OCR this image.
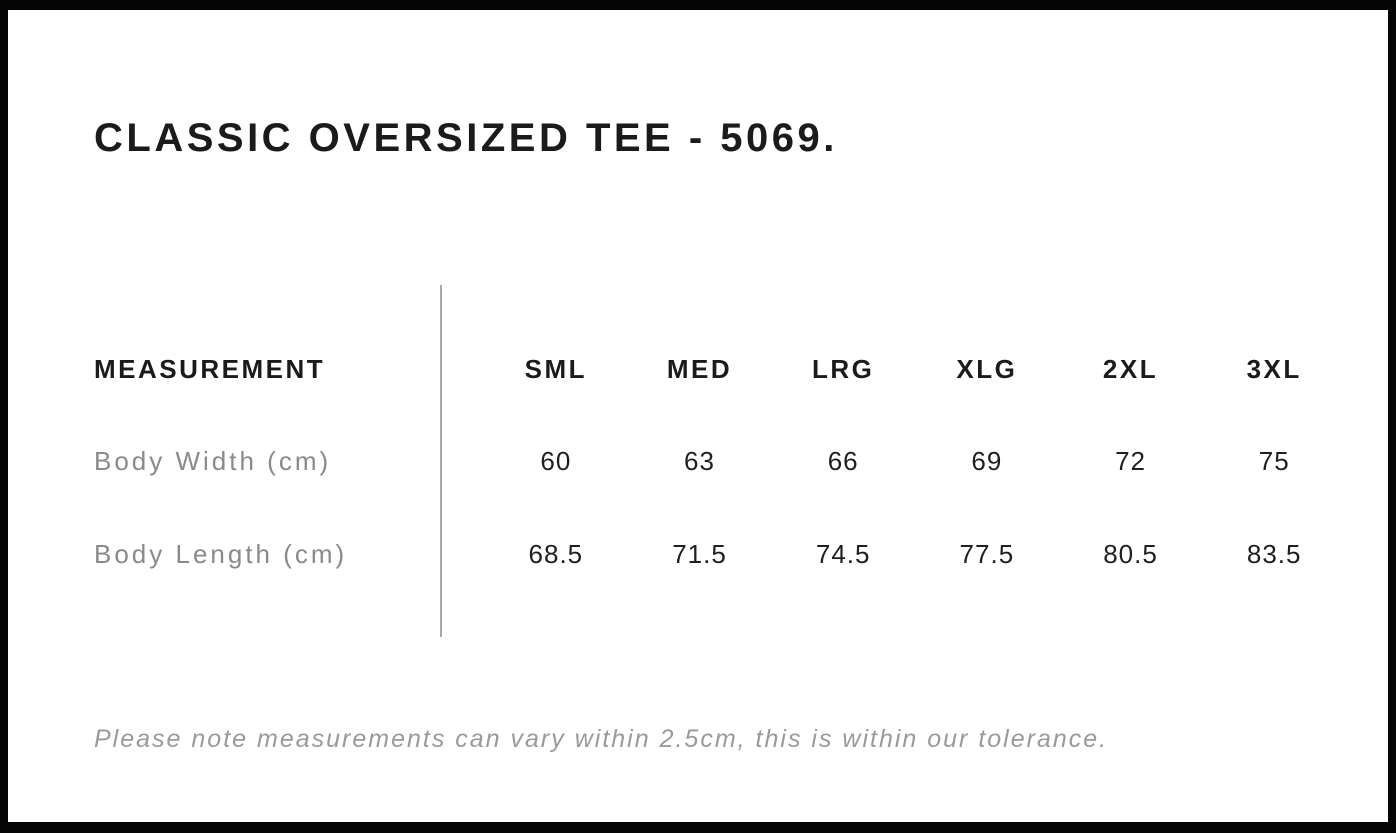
CLASSIC OVERSIZED TEE - 5069.
MEASUREMENT	SML	MED	LRG	XLG	2XL	3XL
Body Width (cm)	60	63	66	69	72	75
Body Length (cm)	68.5	71.5	74.5	77.5	80.5	83.5

Please note measurements can vary within 2.5cm, this is within our tolerance.
